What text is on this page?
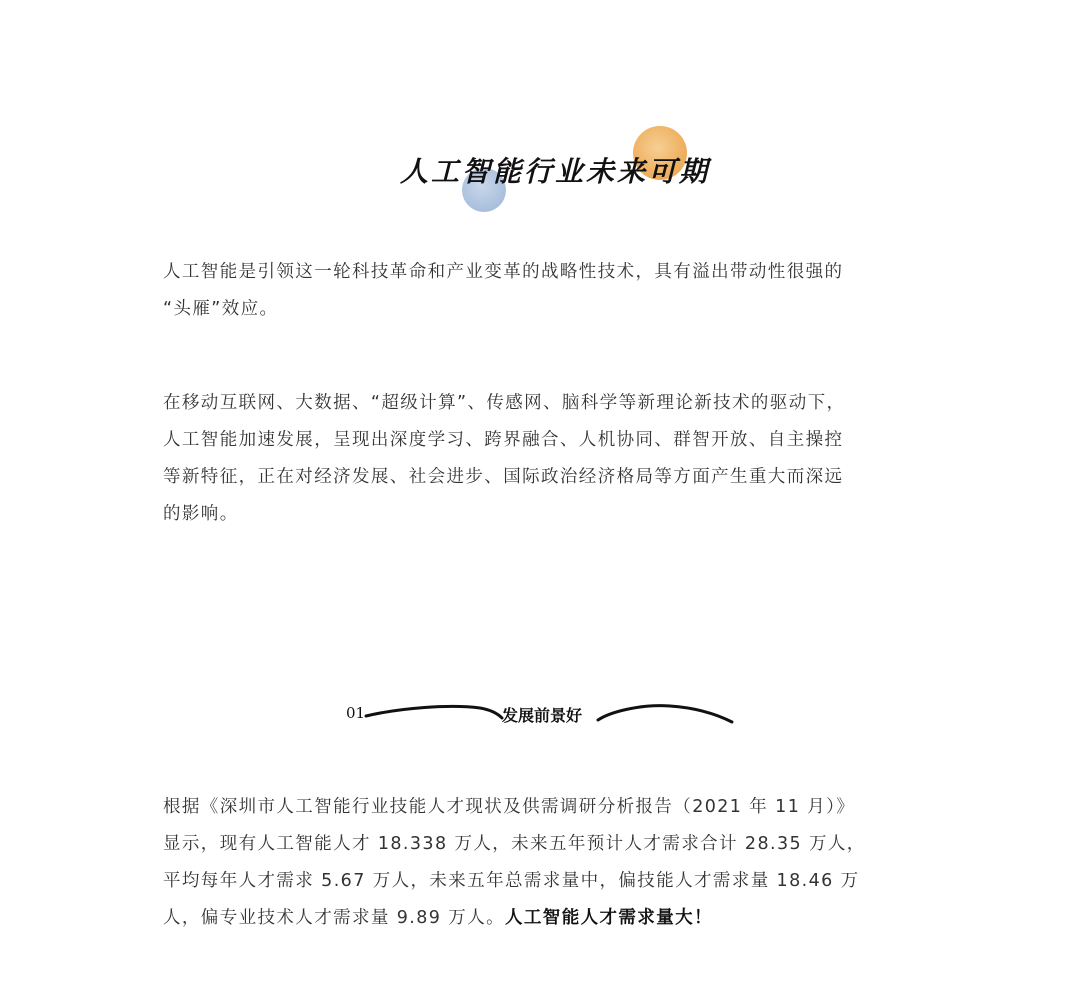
人工智能行业未来可期

人工智能是引领这一轮科技革命和产业变革的战略性技术，具有溢出带动性很强的
“头雁”效应。

在移动互联网、大数据、“超级计算”、传感网、脑科学等新理论新技术的驱动下，
人工智能加速发展，呈现出深度学习、跨界融合、人机协同、群智开放、自主操控
等新特征，正在对经济发展、社会进步、国际政治经济格局等方面产生重大而深远
的影响。

01	发展前景好

根据《深圳市人工智能行业技能人才现状及供需调研分析报告（2021 年 11 月）》
显示，现有人工智能人才 18.338 万人，未来五年预计人才需求合计 28.35 万人，
平均每年人才需求 5.67 万人，未来五年总需求量中，偏技能人才需求量 18.46 万
人，偏专业技术人才需求量 9.89 万人。人工智能人才需求量大！
